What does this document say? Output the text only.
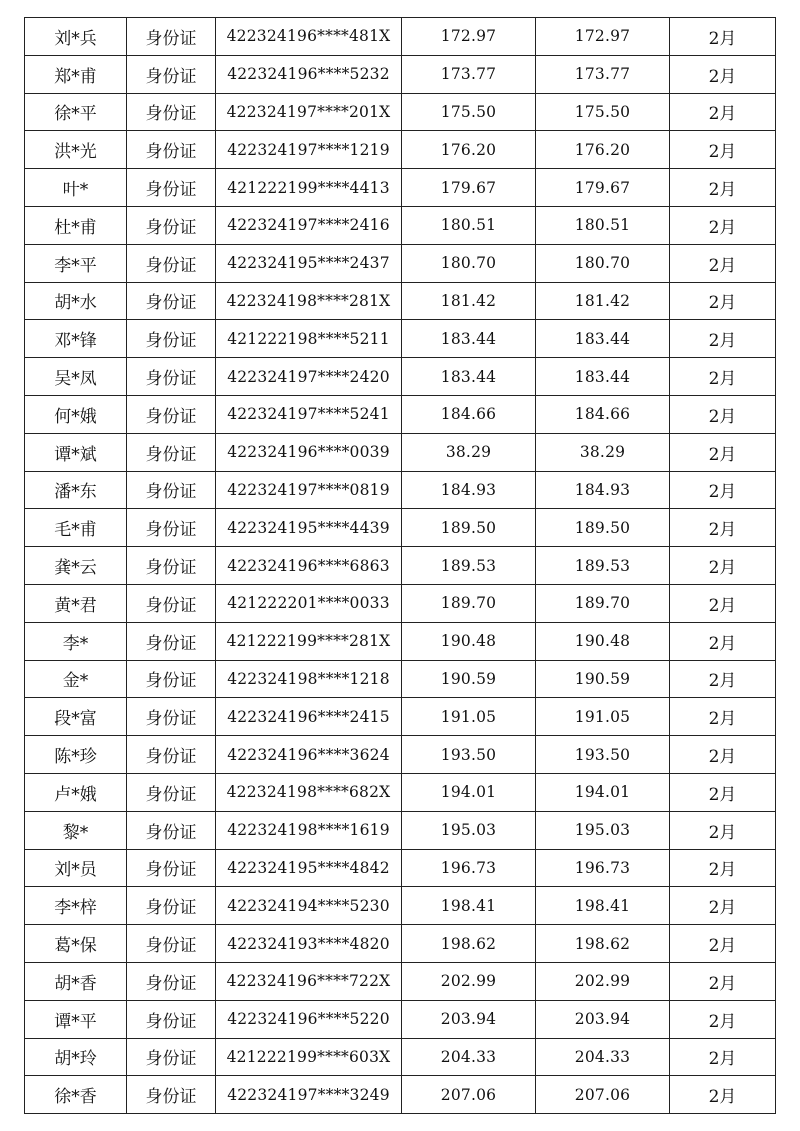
刘*兵	身份证	422324196****481X	172.97	172.97	2月
郑*甫	身份证	422324196****5232	173.77	173.77	2月
徐*平	身份证	422324197****201X	175.50	175.50	2月
洪*光	身份证	422324197****1219	176.20	176.20	2月
叶*	身份证	421222199****4413	179.67	179.67	2月
杜*甫	身份证	422324197****2416	180.51	180.51	2月
李*平	身份证	422324195****2437	180.70	180.70	2月
胡*水	身份证	422324198****281X	181.42	181.42	2月
邓*锋	身份证	421222198****5211	183.44	183.44	2月
吴*凤	身份证	422324197****2420	183.44	183.44	2月
何*娥	身份证	422324197****5241	184.66	184.66	2月
谭*斌	身份证	422324196****0039	38.29	38.29	2月
潘*东	身份证	422324197****0819	184.93	184.93	2月
毛*甫	身份证	422324195****4439	189.50	189.50	2月
龚*云	身份证	422324196****6863	189.53	189.53	2月
黄*君	身份证	421222201****0033	189.70	189.70	2月
李*	身份证	421222199****281X	190.48	190.48	2月
金*	身份证	422324198****1218	190.59	190.59	2月
段*富	身份证	422324196****2415	191.05	191.05	2月
陈*珍	身份证	422324196****3624	193.50	193.50	2月
卢*娥	身份证	422324198****682X	194.01	194.01	2月
黎*	身份证	422324198****1619	195.03	195.03	2月
刘*员	身份证	422324195****4842	196.73	196.73	2月
李*梓	身份证	422324194****5230	198.41	198.41	2月
葛*保	身份证	422324193****4820	198.62	198.62	2月
胡*香	身份证	422324196****722X	202.99	202.99	2月
谭*平	身份证	422324196****5220	203.94	203.94	2月
胡*玲	身份证	421222199****603X	204.33	204.33	2月
徐*香	身份证	422324197****3249	207.06	207.06	2月
